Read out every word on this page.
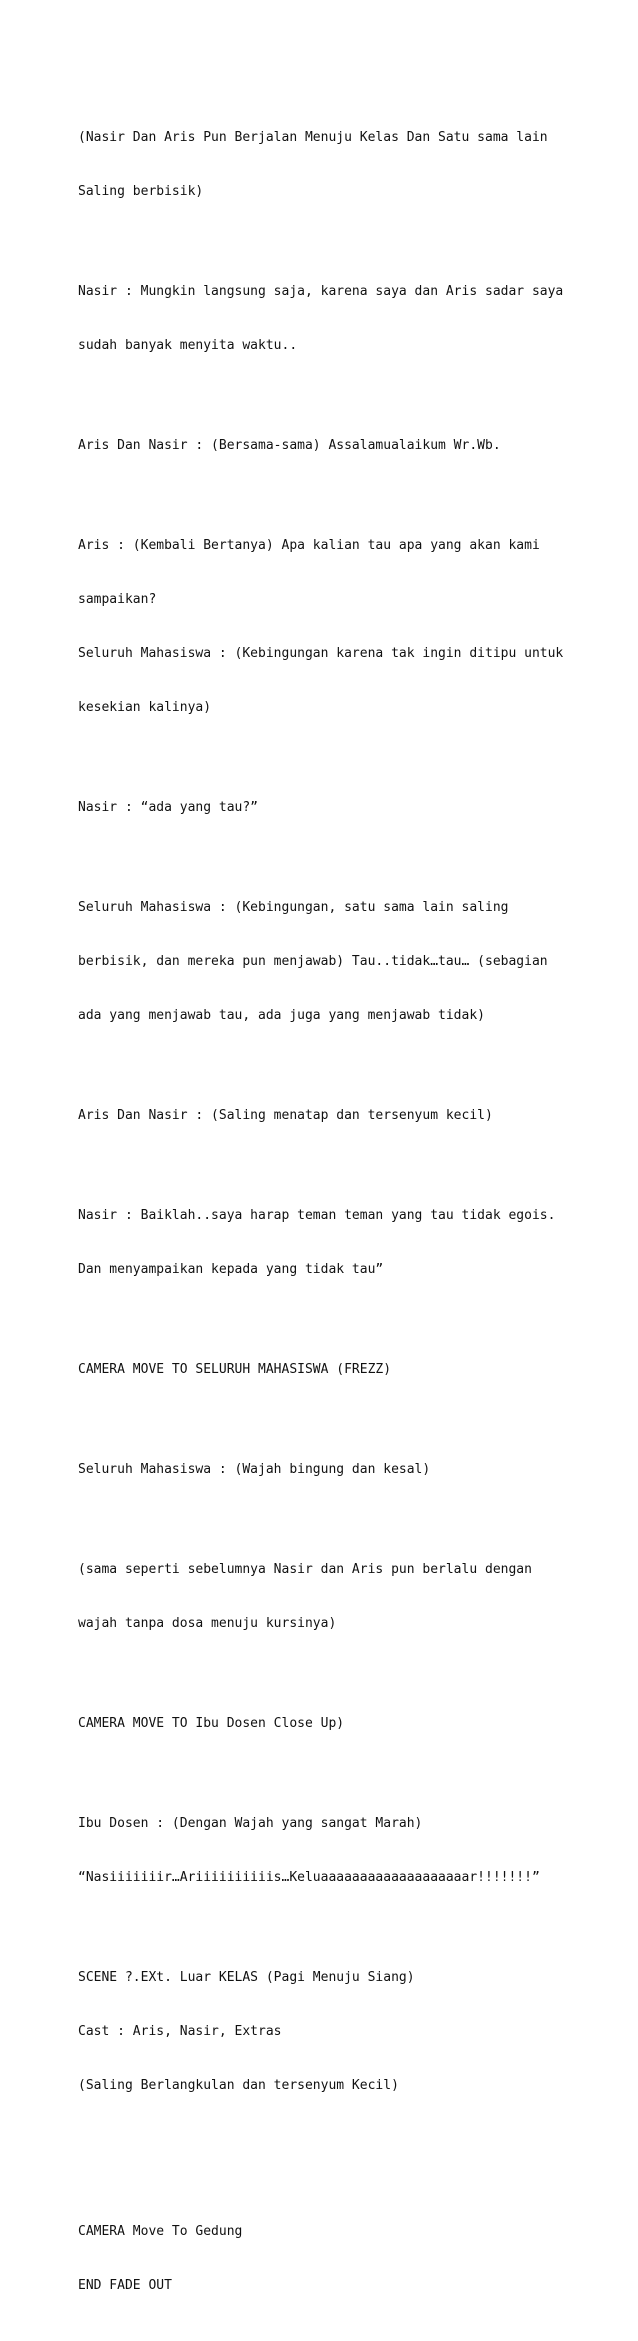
(Nasir Dan Aris Pun Berjalan Menuju Kelas Dan Satu sama lain

Saling berbisik)

Nasir : Mungkin langsung saja, karena saya dan Aris sadar saya

sudah banyak menyita waktu..

Aris Dan Nasir : (Bersama-sama) Assalamualaikum Wr.Wb.

Aris : (Kembali Bertanya) Apa kalian tau apa yang akan kami

sampaikan?

Seluruh Mahasiswa : (Kebingungan karena tak ingin ditipu untuk

kesekian kalinya)

Nasir : “ada yang tau?”

Seluruh Mahasiswa : (Kebingungan, satu sama lain saling

berbisik, dan mereka pun menjawab) Tau..tidak…tau… (sebagian

ada yang menjawab tau, ada juga yang menjawab tidak)

Aris Dan Nasir : (Saling menatap dan tersenyum kecil)

Nasir : Baiklah..saya harap teman teman yang tau tidak egois.

Dan menyampaikan kepada yang tidak tau”

CAMERA MOVE TO SELURUH MAHASISWA (FREZZ)

Seluruh Mahasiswa : (Wajah bingung dan kesal)

(sama seperti sebelumnya Nasir dan Aris pun berlalu dengan

wajah tanpa dosa menuju kursinya)

CAMERA MOVE TO Ibu Dosen Close Up)

Ibu Dosen : (Dengan Wajah yang sangat Marah)

“Nasiiiiiiir…Ariiiiiiiiiis…Keluaaaaaaaaaaaaaaaaaaar!!!!!!!”

SCENE ?.EXt. Luar KELAS (Pagi Menuju Siang)

Cast : Aris, Nasir, Extras

(Saling Berlangkulan dan tersenyum Kecil)

CAMERA Move To Gedung

END FADE OUT
